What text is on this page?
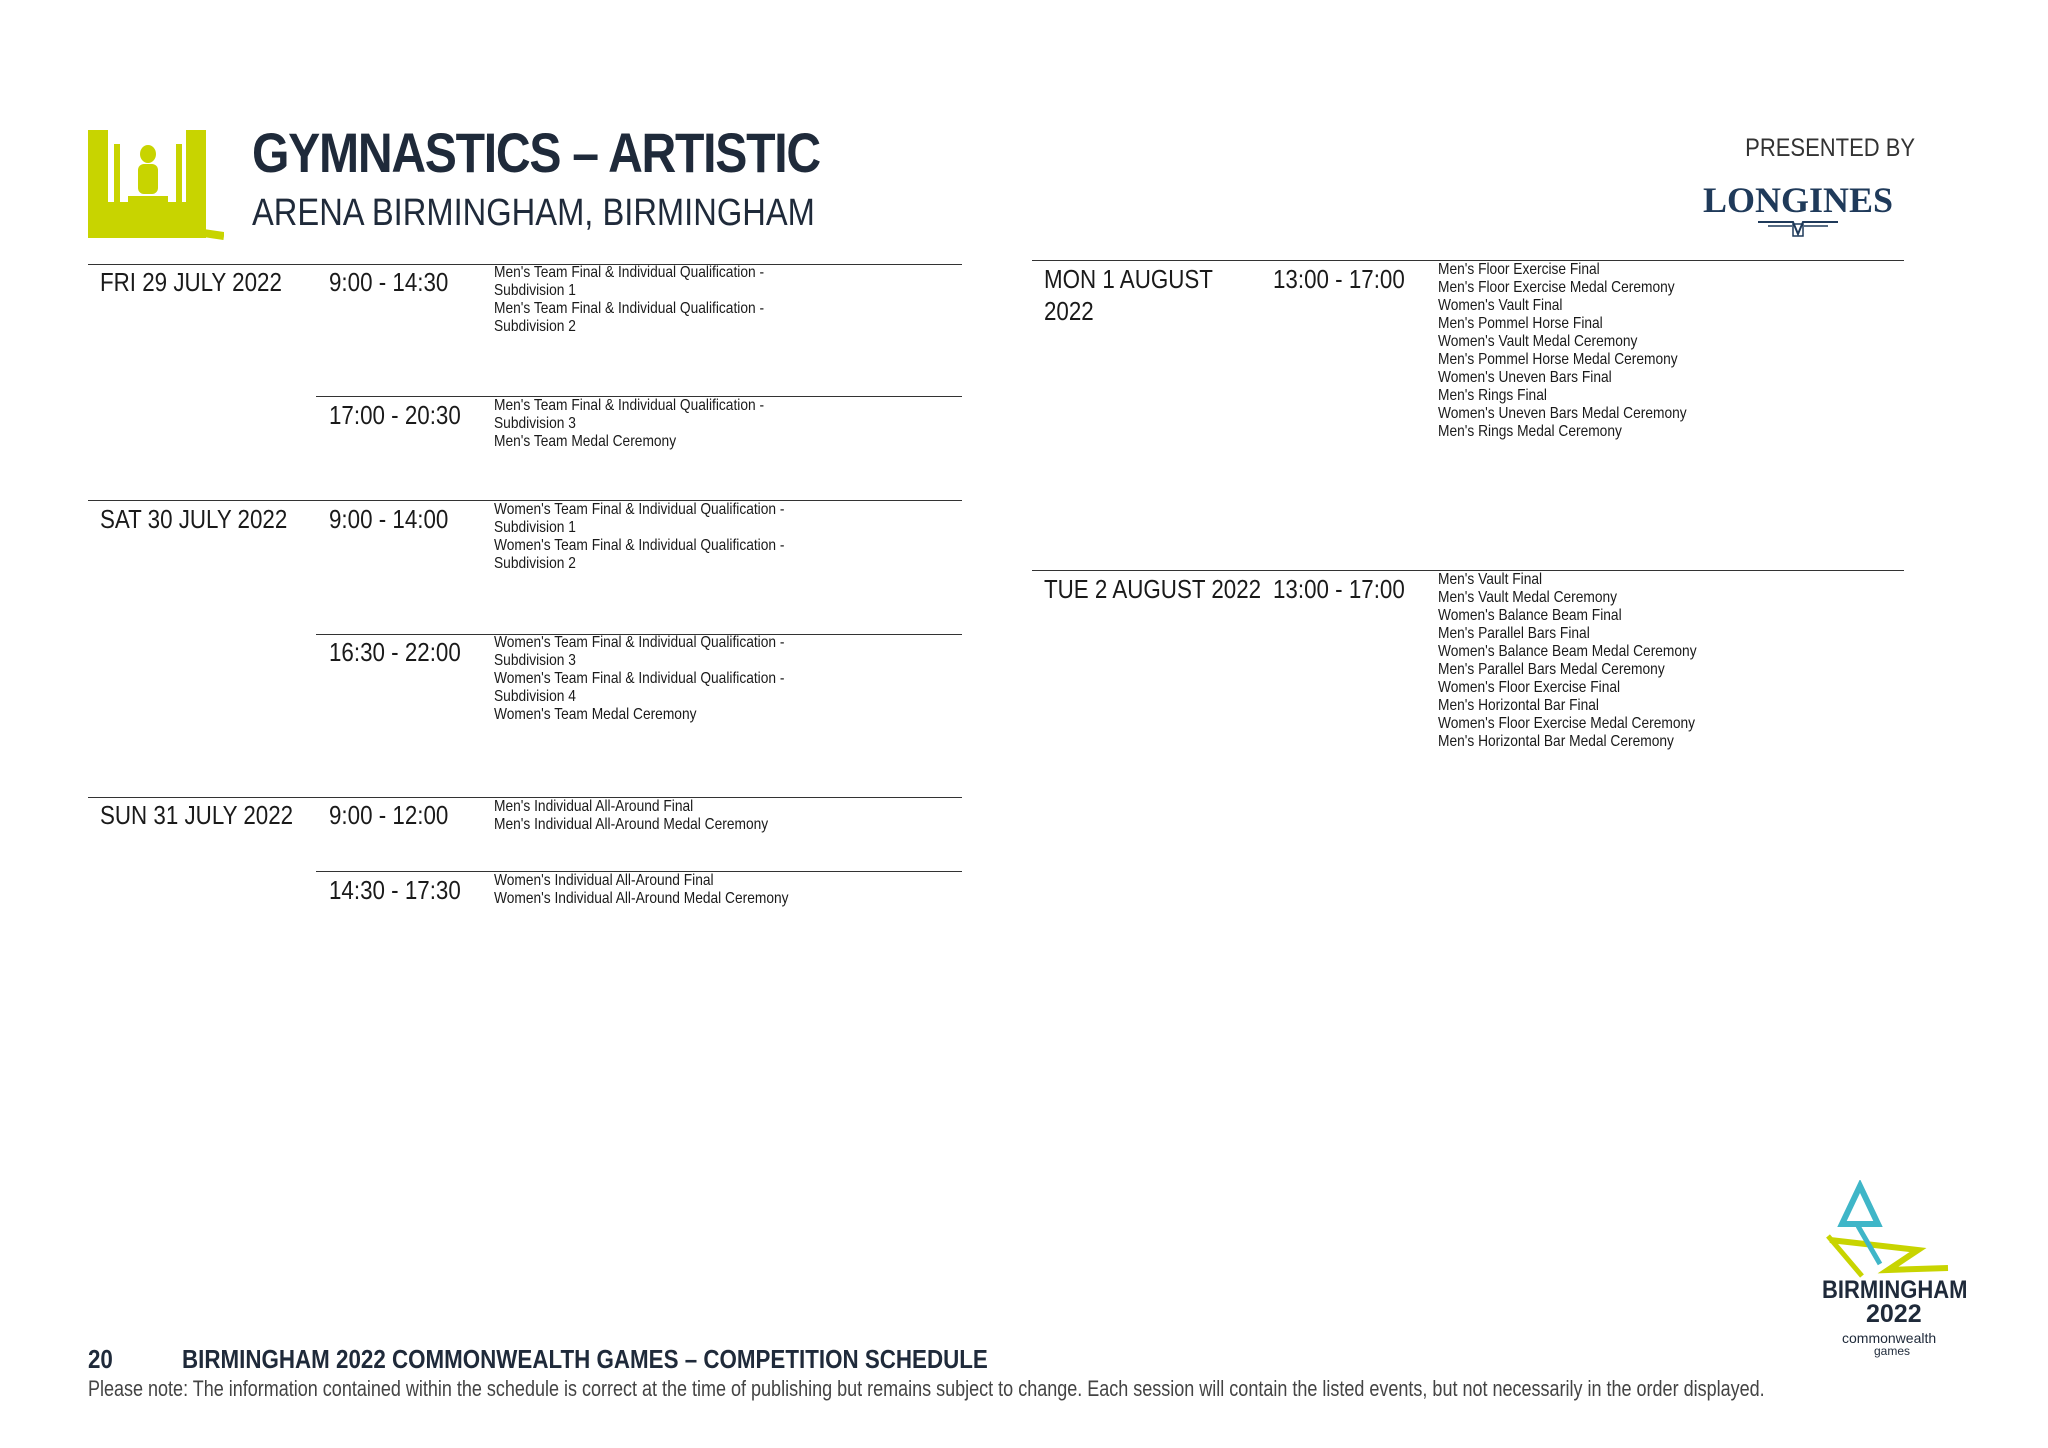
GYMNASTICS – ARTISTIC
ARENA BIRMINGHAM, BIRMINGHAM
PRESENTED BY
LONGINES
FRI 29 JULY 2022 9:00 - 14:30	Men's Team Final & Individual Qualification -
Subdivision 1
Men's Team Final & Individual Qualification -
Subdivision 2
17:00 - 20:30 Men's Team Final & Individual Qualification -
Subdivision 3
Men's Team Medal Ceremony
SAT 30 JULY 2022 9:00 - 14:00	Women's Team Final & Individual Qualification -
Subdivision 1
Women's Team Final & Individual Qualification -
Subdivision 2
16:30 - 22:00 Women's Team Final & Individual Qualification -
Subdivision 3
Women's Team Final & Individual Qualification -
Subdivision 4
Women's Team Medal Ceremony
SUN 31 JULY 2022 9:00 - 12:00	Men's Individual All-Around Final
Men's Individual All-Around Medal Ceremony
14:30 - 17:30 Women's Individual All-Around Final
Women's Individual All-Around Medal Ceremony
MON 1 AUGUST
2022
13:00 - 17:00 Men's Floor Exercise Final
Men's Floor Exercise Medal Ceremony
Women's Vault Final
Men's Pommel Horse Final
Women's Vault Medal Ceremony
Men's Pommel Horse Medal Ceremony
Women's Uneven Bars Final
Men's Rings Final
Women's Uneven Bars Medal Ceremony
Men's Rings Medal Ceremony
TUE 2 AUGUST 2022 13:00 - 17:00 Men's Vault Final
Men's Vault Medal Ceremony
Women's Balance Beam Final
Men's Parallel Bars Final
Women's Balance Beam Medal Ceremony
Men's Parallel Bars Medal Ceremony
Women's Floor Exercise Final
Men's Horizontal Bar Final
Women's Floor Exercise Medal Ceremony
Men's Horizontal Bar Medal Ceremony
BIRMINGHAM
2022
commonwealth
games
20	BIRMINGHAM 2022 COMMONWEALTH GAMES – COMPETITION SCHEDULE
Please note: The information contained within the schedule is correct at the time of publishing but remains subject to change. Each session will contain the listed events, but not necessarily in the order displayed.
